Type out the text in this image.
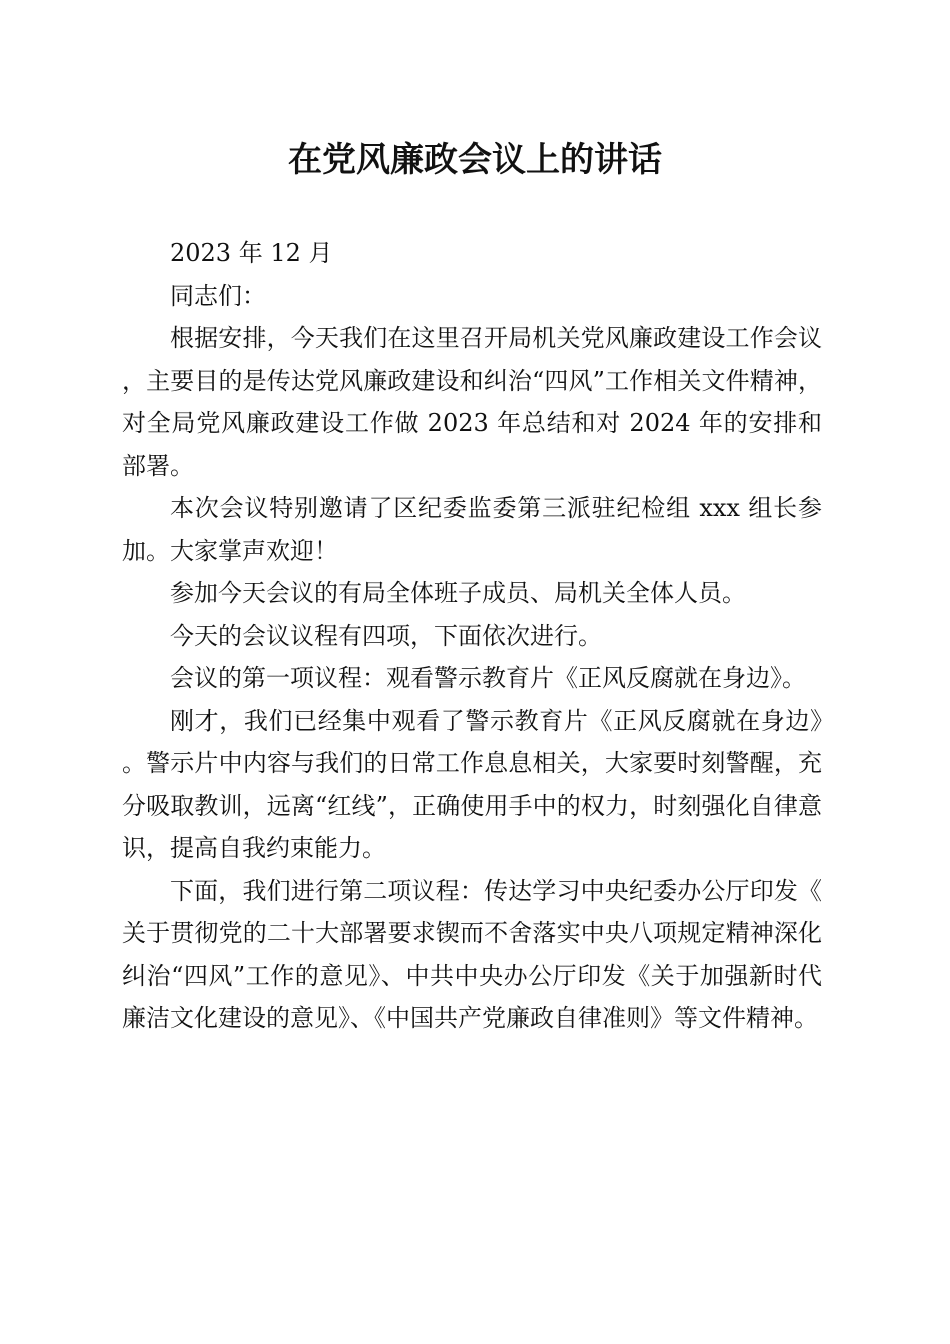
在党风廉政会议上的讲话

2023 年 12 月

同志们：

根据安排，今天我们在这里召开局机关党风廉政建设工作会议，主要目的是传达党风廉政建设和纠治“四风”工作相关文件精神，对全局党风廉政建设工作做 2023 年总结和对 2024 年的安排和部署。

本次会议特别邀请了区纪委监委第三派驻纪检组 xxx 组长参加。大家掌声欢迎！

参加今天会议的有局全体班子成员、局机关全体人员。

今天的会议议程有四项，下面依次进行。

会议的第一项议程：观看警示教育片《正风反腐就在身边》。

刚才，我们已经集中观看了警示教育片《正风反腐就在身边》。警示片中内容与我们的日常工作息息相关，大家要时刻警醒，充分吸取教训，远离“红线”，正确使用手中的权力，时刻强化自律意识，提高自我约束能力。

下面，我们进行第二项议程：传达学习中央纪委办公厅印发《关于贯彻党的二十大部署要求锲而不舍落实中央八项规定精神深化纠治“四风”工作的意见》、中共中央办公厅印发《关于加强新时代廉洁文化建设的意见》、《中国共产党廉政自律准则》等文件精神。
